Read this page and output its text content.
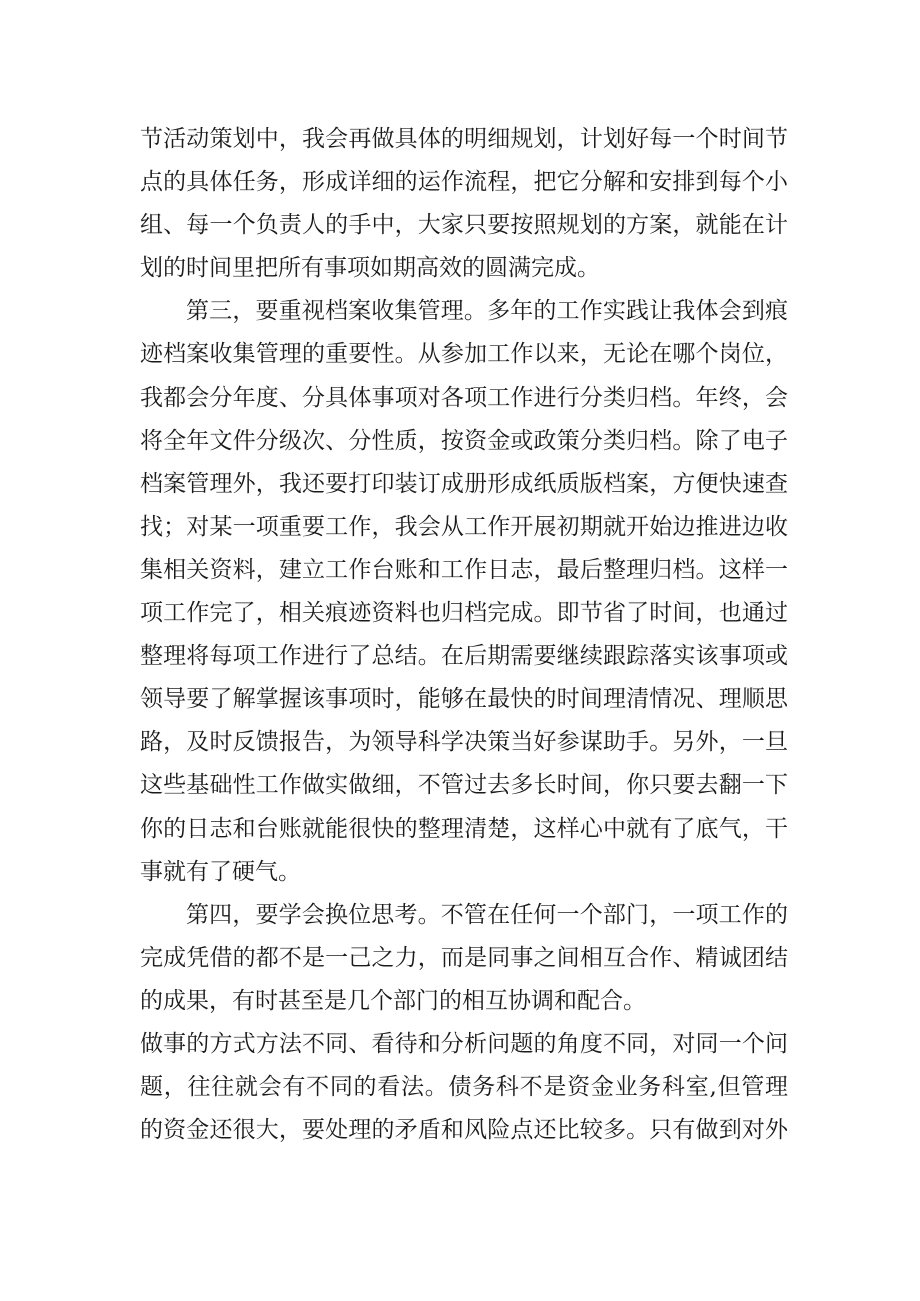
节活动策划中，我会再做具体的明细规划，计划好每一个时间节
点的具体任务，形成详细的运作流程，把它分解和安排到每个小
组、每一个负责人的手中，大家只要按照规划的方案，就能在计
划的时间里把所有事项如期高效的圆满完成。
第三，要重视档案收集管理。多年的工作实践让我体会到痕
迹档案收集管理的重要性。从参加工作以来，无论在哪个岗位，
我都会分年度、分具体事项对各项工作进行分类归档。年终，会
将全年文件分级次、分性质，按资金或政策分类归档。除了电子
档案管理外，我还要打印装订成册形成纸质版档案，方便快速查
找；对某一项重要工作，我会从工作开展初期就开始边推进边收
集相关资料，建立工作台账和工作日志，最后整理归档。这样一
项工作完了，相关痕迹资料也归档完成。即节省了时间，也通过
整理将每项工作进行了总结。在后期需要继续跟踪落实该事项或
领导要了解掌握该事项时，能够在最快的时间理清情况、理顺思
路，及时反馈报告，为领导科学决策当好参谋助手。另外，一旦
这些基础性工作做实做细，不管过去多长时间，你只要去翻一下
你的日志和台账就能很快的整理清楚，这样心中就有了底气，干
事就有了硬气。
第四，要学会换位思考。不管在任何一个部门，一项工作的
完成凭借的都不是一己之力，而是同事之间相互合作、精诚团结
的成果，有时甚至是几个部门的相互协调和配合。
做事的方式方法不同、看待和分析问题的角度不同，对同一个问
题，往往就会有不同的看法。债务科不是资金业务科室,但管理
的资金还很大，要处理的矛盾和风险点还比较多。只有做到对外
